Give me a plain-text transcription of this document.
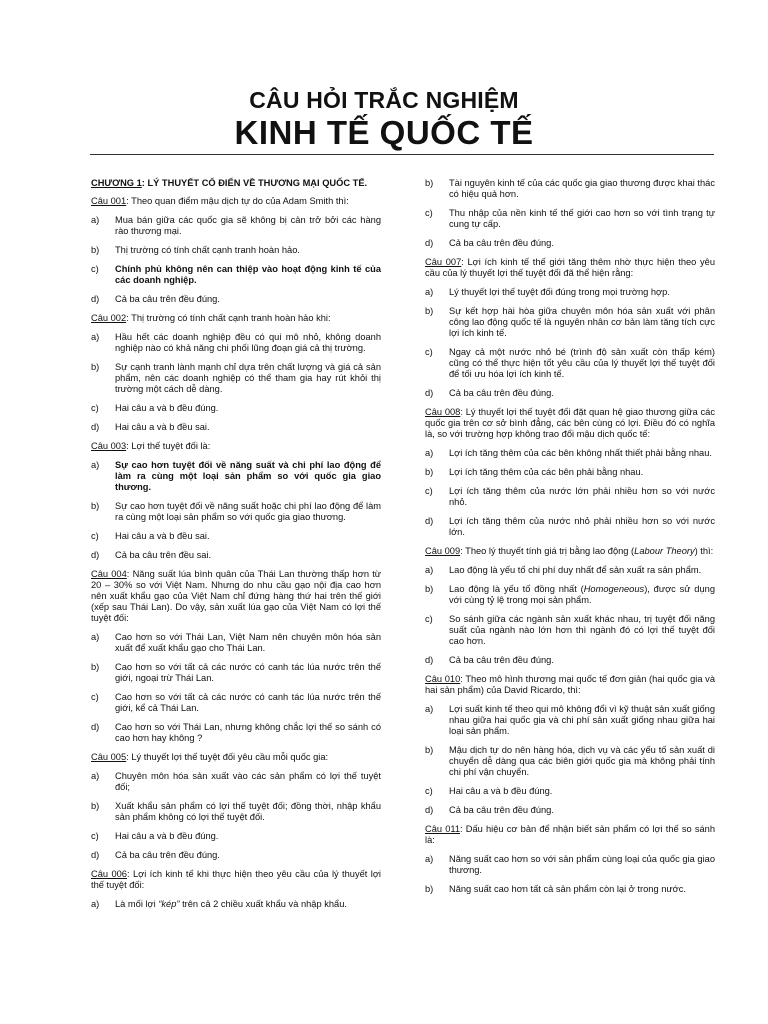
CÂU HỎI TRẮC NGHIỆM
KINH TẾ QUỐC TẾ
CHƯƠNG 1: LÝ THUYẾT CỔ ĐIỂN VỀ THƯƠNG MẠI QUỐC TẾ.
Câu 001: Theo quan điểm mậu dịch tự do của Adam Smith thì:
a)	Mua bán giữa các quốc gia sẽ không bị cản trở bởi các hàng rào thương mại.
b)	Thị trường có tính chất cạnh tranh hoàn hảo.
c)	Chính phủ không nên can thiệp vào hoạt động kinh tế của các doanh nghiệp.
d)	Cả ba câu trên đều đúng.
Câu 002: Thị trường có tính chất cạnh tranh hoàn hảo khi:
a)	Hầu hết các doanh nghiệp đều có qui mô nhỏ, không doanh nghiệp nào có khả năng chi phối lũng đoạn giá cả thị trường.
b)	Sự cạnh tranh lành mạnh chỉ dựa trên chất lượng và giá cả sản phẩm, nên các doanh nghiệp có thể tham gia hay rút khỏi thị trường một cách dễ dàng.
c)	Hai câu a và b đều đúng.
d)	Hai câu a và b đều sai.
Câu 003: Lợi thế tuyệt đối là:
a)	Sự cao hơn tuyệt đối về năng suất và chi phí lao động để làm ra cùng một loại sản phẩm so với quốc gia giao thương.
b)	Sự cao hơn tuyệt đối về năng suất hoặc chi phí lao động để làm ra cùng một loại sản phẩm so với quốc gia giao thương.
c)	Hai câu a và b đều sai.
d)	Cả ba câu trên đều sai.
Câu 004: Năng suất lúa bình quân của Thái Lan thường thấp hơn từ 20 – 30% so với Việt Nam. Nhưng do nhu cầu gạo nội địa cao hơn nên xuất khẩu gạo của Việt Nam chỉ đứng hàng thứ hai trên thế giới (xếp sau Thái Lan). Do vậy, sản xuất lúa gạo của Việt Nam có lợi thế tuyệt đối:
a)	Cao hơn so với Thái Lan, Việt Nam nên chuyên môn hóa sản xuất để xuất khẩu gạo cho Thái Lan.
b)	Cao hơn so với tất cả các nước có canh tác lúa nước trên thế giới, ngoại trừ Thái Lan.
c)	Cao hơn so với tất cả các nước có canh tác lúa nước trên thế giới, kể cả Thái Lan.
d)	Cao hơn so với Thái Lan, nhưng không chắc lợi thế so sánh có cao hơn hay không ?
Câu 005: Lý thuyết lợi thế tuyệt đối yêu cầu mỗi quốc gia:
a)	Chuyên môn hóa sản xuất vào các sản phẩm có lợi thế tuyệt đối;
b)	Xuất khẩu sản phẩm có lợi thế tuyệt đối; đồng thời, nhập khẩu sản phẩm không có lợi thế tuyệt đối.
c)	Hai câu a và b đều đúng.
d)	Cả ba câu trên đều đúng.
Câu 006: Lợi ích kinh tế khi thực hiện theo yêu cầu của lý thuyết lợi thế tuyệt đối:
a)	Là mối lợi “kép” trên cả 2 chiều xuất khẩu và nhập khẩu.
b)	Tài nguyên kinh tế của các quốc gia giao thương được khai thác có hiệu quả hơn.
c)	Thu nhập của nền kinh tế thế giới cao hơn so với tình trạng tự cung tự cấp.
d)	Cả ba câu trên đều đúng.
Câu 007: Lợi ích kinh tế thế giới tăng thêm nhờ thực hiện theo yêu cầu của lý thuyết lợi thế tuyệt đối đã thể hiện rằng:
a)	Lý thuyết lợi thế tuyệt đối đúng trong mọi trường hợp.
b)	Sự kết hợp hài hòa giữa chuyên môn hóa sản xuất với phân công lao động quốc tế là nguyên nhân cơ bản làm tăng tích cực lợi ích kinh tế.
c)	Ngay cả một nước nhỏ bé (trình độ sản xuất còn thấp kém) cũng có thể thực hiện tốt yêu cầu của lý thuyết lợi thế tuyệt đối để tối ưu hóa lợi ích kinh tế.
d)	Cả ba câu trên đều đúng.
Câu 008: Lý thuyết lợi thế tuyệt đối đặt quan hệ giao thương giữa các quốc gia trên cơ sở bình đẳng, các bên cùng có lợi. Điều đó có nghĩa là, so với trường hợp không trao đổi mậu dịch quốc tế:
a)	Lợi ích tăng thêm của các bên không nhất thiết phải bằng nhau.
b)	Lợi ích tăng thêm của các bên phải bằng nhau.
c)	Lợi ích tăng thêm của nước lớn phải nhiều hơn so với nước nhỏ.
d)	Lợi ích tăng thêm của nước nhỏ phải nhiều hơn so với nước lớn.
Câu 009: Theo lý thuyết tính giá trị bằng lao động (Labour Theory) thì:
a)	Lao động là yếu tố chi phí duy nhất để sản xuất ra sản phẩm.
b)	Lao động là yếu tố đồng nhất (Homogeneous), được sử dụng với cùng tỷ lệ trong mọi sản phẩm.
c)	So sánh giữa các ngành sản xuất khác nhau, trị tuyệt đối năng suất của ngành nào lớn hơn thì ngành đó có lợi thế tuyệt đối cao hơn.
d)	Cả ba câu trên đều đúng.
Câu 010: Theo mô hình thương mại quốc tế đơn giản (hai quốc gia và hai sản phẩm) của David Ricardo, thì:
a)	Lợi suất kinh tế theo qui mô không đổi vì kỹ thuật sản xuất giống nhau giữa hai quốc gia và chi phí sản xuất giống nhau giữa hai loại sản phẩm.
b)	Mậu dịch tự do nên hàng hóa, dịch vụ và các yếu tố sản xuất di chuyển dễ dàng qua các biên giới quốc gia mà không phải tính chi phí vận chuyển.
c)	Hai câu a và b đều đúng.
d)	Cả ba câu trên đều đúng.
Câu 011: Dấu hiệu cơ bản để nhận biết sản phẩm có lợi thế so sánh là:
a)	Năng suất cao hơn so với sản phẩm cùng loại của quốc gia giao thương.
b)	Năng suất cao hơn tất cả sản phẩm còn lại ở trong nước.
